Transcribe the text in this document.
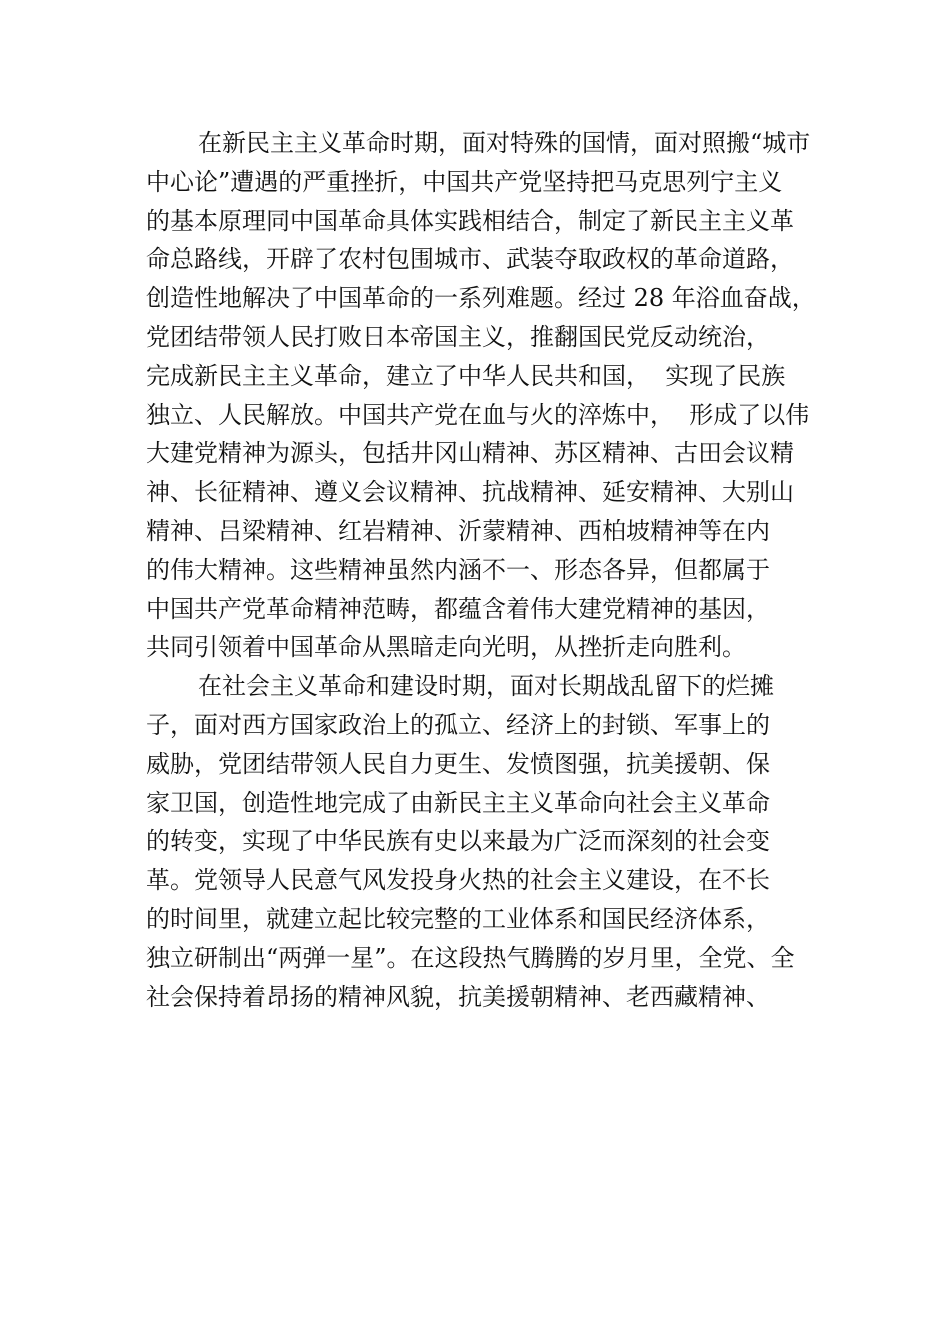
在新民主主义革命时期，面对特殊的国情，面对照搬“城市
中心论”遭遇的严重挫折，中国共产党坚持把马克思列宁主义
的基本原理同中国革命具体实践相结合，制定了新民主主义革
命总路线，开辟了农村包围城市、武装夺取政权的革命道路，
创造性地解决了中国革命的一系列难题。经过 28 年浴血奋战，
党团结带领人民打败日本帝国主义，推翻国民党反动统治，
完成新民主主义革命，建立了中华人民共和国，  实现了民族
独立、人民解放。中国共产党在血与火的淬炼中，  形成了以伟
大建党精神为源头，包括井冈山精神、苏区精神、古田会议精
神、长征精神、遵义会议精神、抗战精神、延安精神、大别山
精神、吕梁精神、红岩精神、沂蒙精神、西柏坡精神等在内
的伟大精神。这些精神虽然内涵不一、形态各异，但都属于
中国共产党革命精神范畴，都蕴含着伟大建党精神的基因，
共同引领着中国革命从黑暗走向光明，从挫折走向胜利。
在社会主义革命和建设时期，面对长期战乱留下的烂摊
子，面对西方国家政治上的孤立、经济上的封锁、军事上的
威胁，党团结带领人民自力更生、发愤图强，抗美援朝、保
家卫国，创造性地完成了由新民主主义革命向社会主义革命
的转变，实现了中华民族有史以来最为广泛而深刻的社会变
革。党领导人民意气风发投身火热的社会主义建设，在不长
的时间里，就建立起比较完整的工业体系和国民经济体系，
独立研制出“两弹一星”。在这段热气腾腾的岁月里，全党、全
社会保持着昂扬的精神风貌，抗美援朝精神、老西藏精神、
